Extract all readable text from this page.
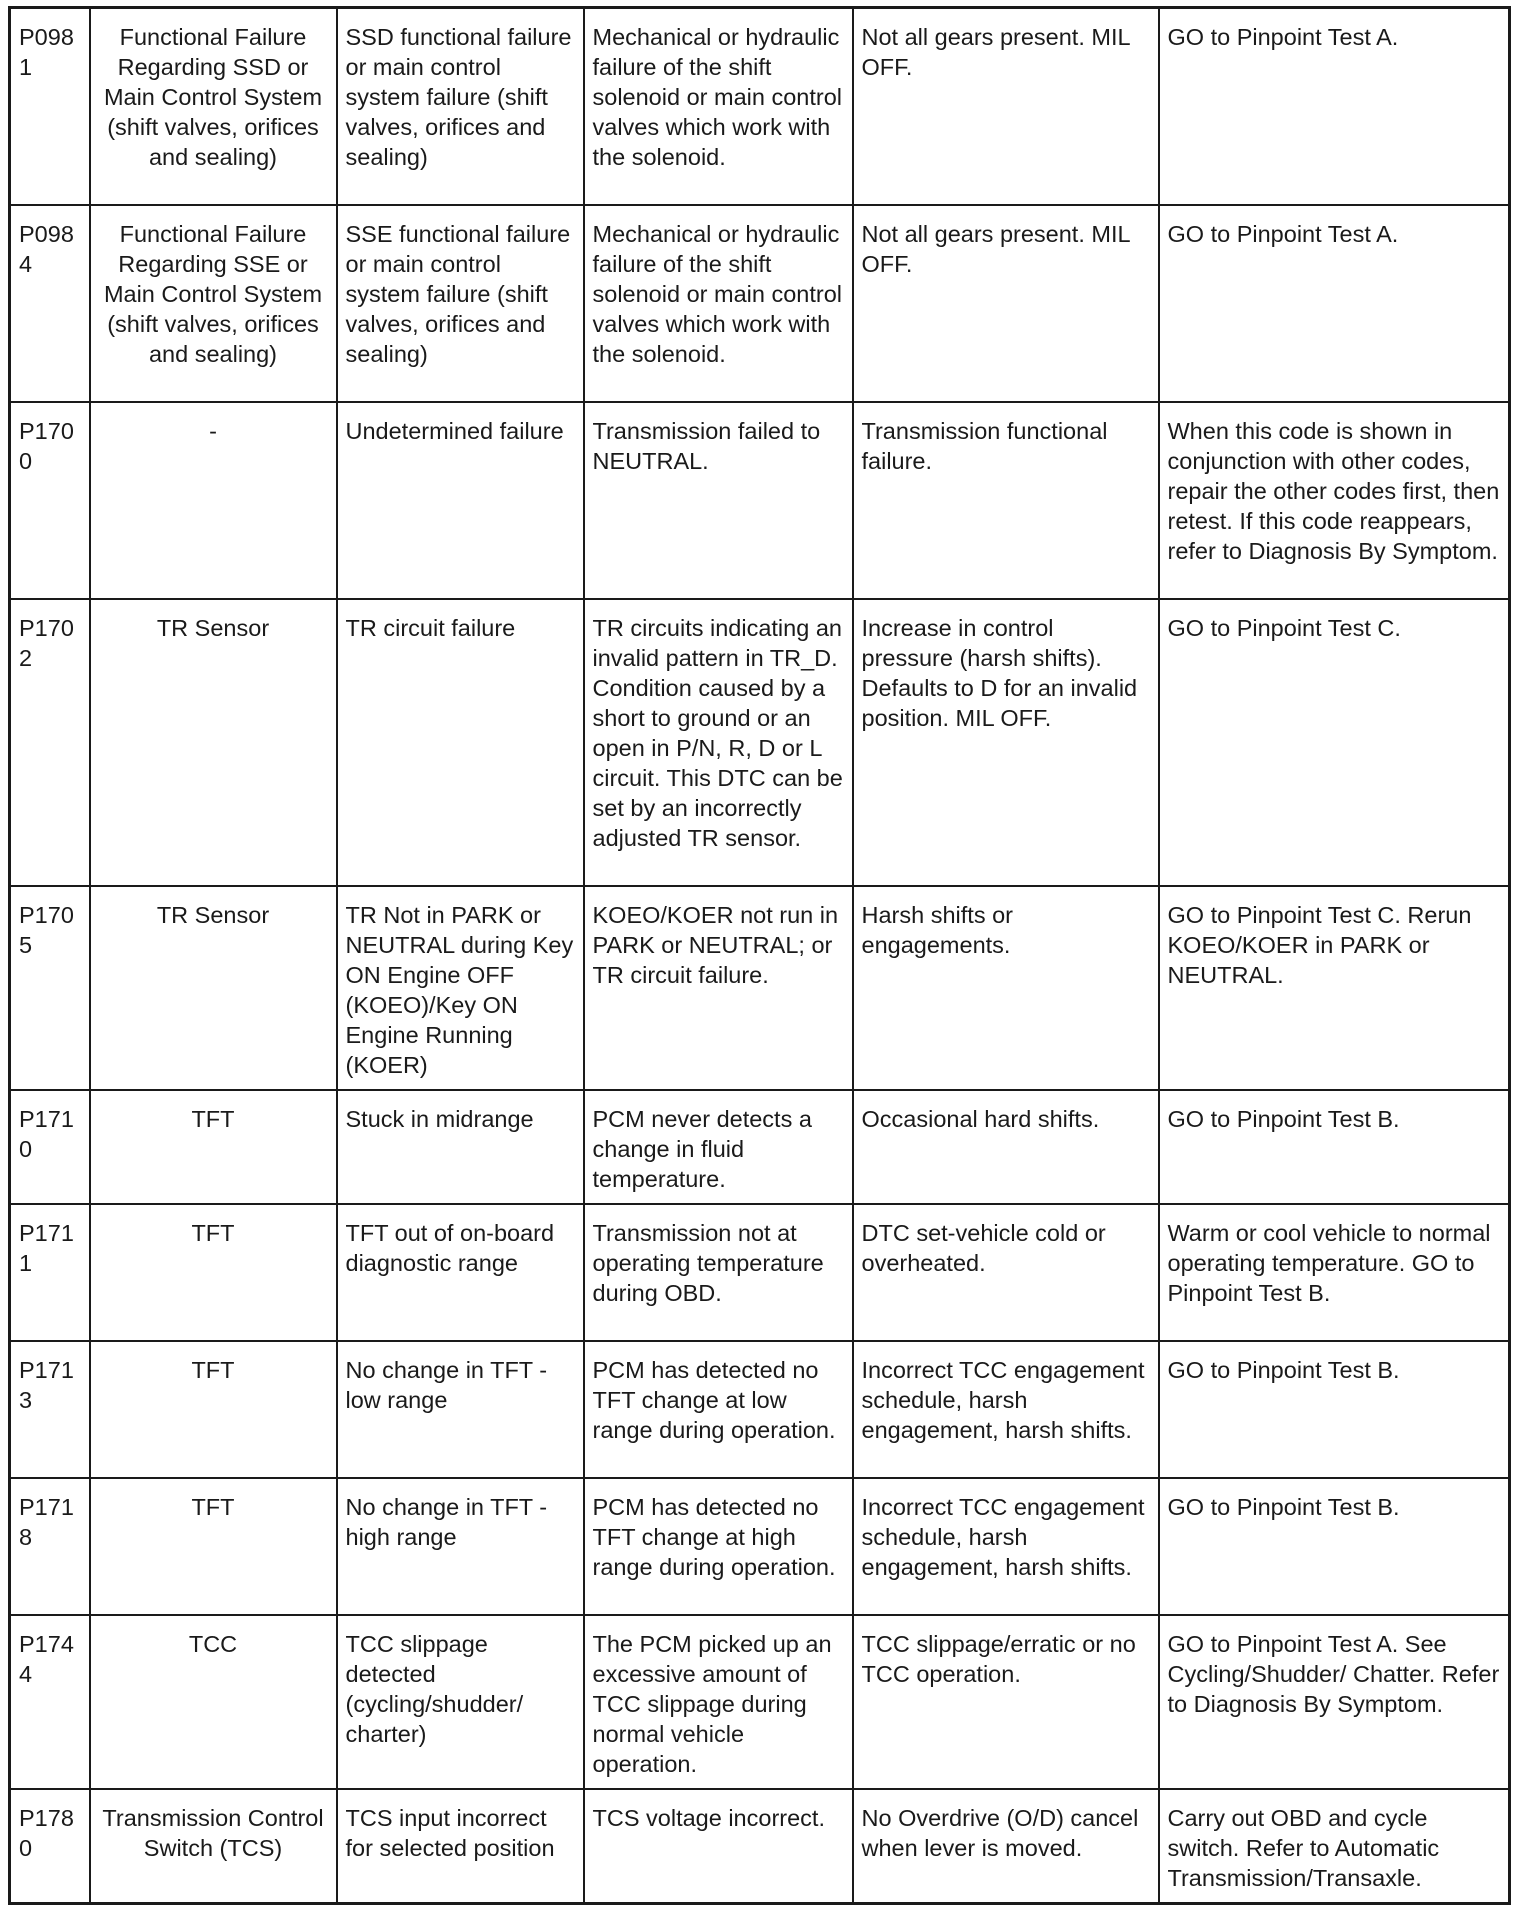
P0981	Functional Failure Regarding SSD or Main Control System (shift valves, orifices and sealing)	SSD functional failure or main control system failure (shift valves, orifices and sealing)	Mechanical or hydraulic failure of the shift solenoid or main control valves which work with the solenoid.	Not all gears present. MIL OFF.	GO to Pinpoint Test A.
P0984	Functional Failure Regarding SSE or Main Control System (shift valves, orifices and sealing)	SSE functional failure or main control system failure (shift valves, orifices and sealing)	Mechanical or hydraulic failure of the shift solenoid or main control valves which work with the solenoid.	Not all gears present. MIL OFF.	GO to Pinpoint Test A.
P1700	-	Undetermined failure	Transmission failed to NEUTRAL.	Transmission functional failure.	When this code is shown in conjunction with other codes, repair the other codes first, then retest. If this code reappears, refer to Diagnosis By Symptom.
P1702	TR Sensor	TR circuit failure	TR circuits indicating an invalid pattern in TR_D. Condition caused by a short to ground or an open in P/N, R, D or L circuit. This DTC can be set by an incorrectly adjusted TR sensor.	Increase in control pressure (harsh shifts). Defaults to D for an invalid position. MIL OFF.	GO to Pinpoint Test C.
P1705	TR Sensor	TR Not in PARK or NEUTRAL during Key ON Engine OFF (KOEO)/Key ON Engine Running (KOER)	KOEO/KOER not run in PARK or NEUTRAL; or TR circuit failure.	Harsh shifts or engagements.	GO to Pinpoint Test C. Rerun KOEO/KOER in PARK or NEUTRAL.
P1710	TFT	Stuck in midrange	PCM never detects a change in fluid temperature.	Occasional hard shifts.	GO to Pinpoint Test B.
P1711	TFT	TFT out of on-board diagnostic range	Transmission not at operating temperature during OBD.	DTC set-vehicle cold or overheated.	Warm or cool vehicle to normal operating temperature. GO to Pinpoint Test B.
P1713	TFT	No change in TFT - low range	PCM has detected no TFT change at low range during operation.	Incorrect TCC engagement schedule, harsh engagement, harsh shifts.	GO to Pinpoint Test B.
P1718	TFT	No change in TFT - high range	PCM has detected no TFT change at high range during operation.	Incorrect TCC engagement schedule, harsh engagement, harsh shifts.	GO to Pinpoint Test B.
P1744	TCC	TCC slippage detected (cycling/shudder/ charter)	The PCM picked up an excessive amount of TCC slippage during normal vehicle operation.	TCC slippage/erratic or no TCC operation.	GO to Pinpoint Test A. See Cycling/Shudder/ Chatter. Refer to Diagnosis By Symptom.
P1780	Transmission Control Switch (TCS)	TCS input incorrect for selected position	TCS voltage incorrect.	No Overdrive (O/D) cancel when lever is moved.	Carry out OBD and cycle switch. Refer to Automatic Transmission/Transaxle.
